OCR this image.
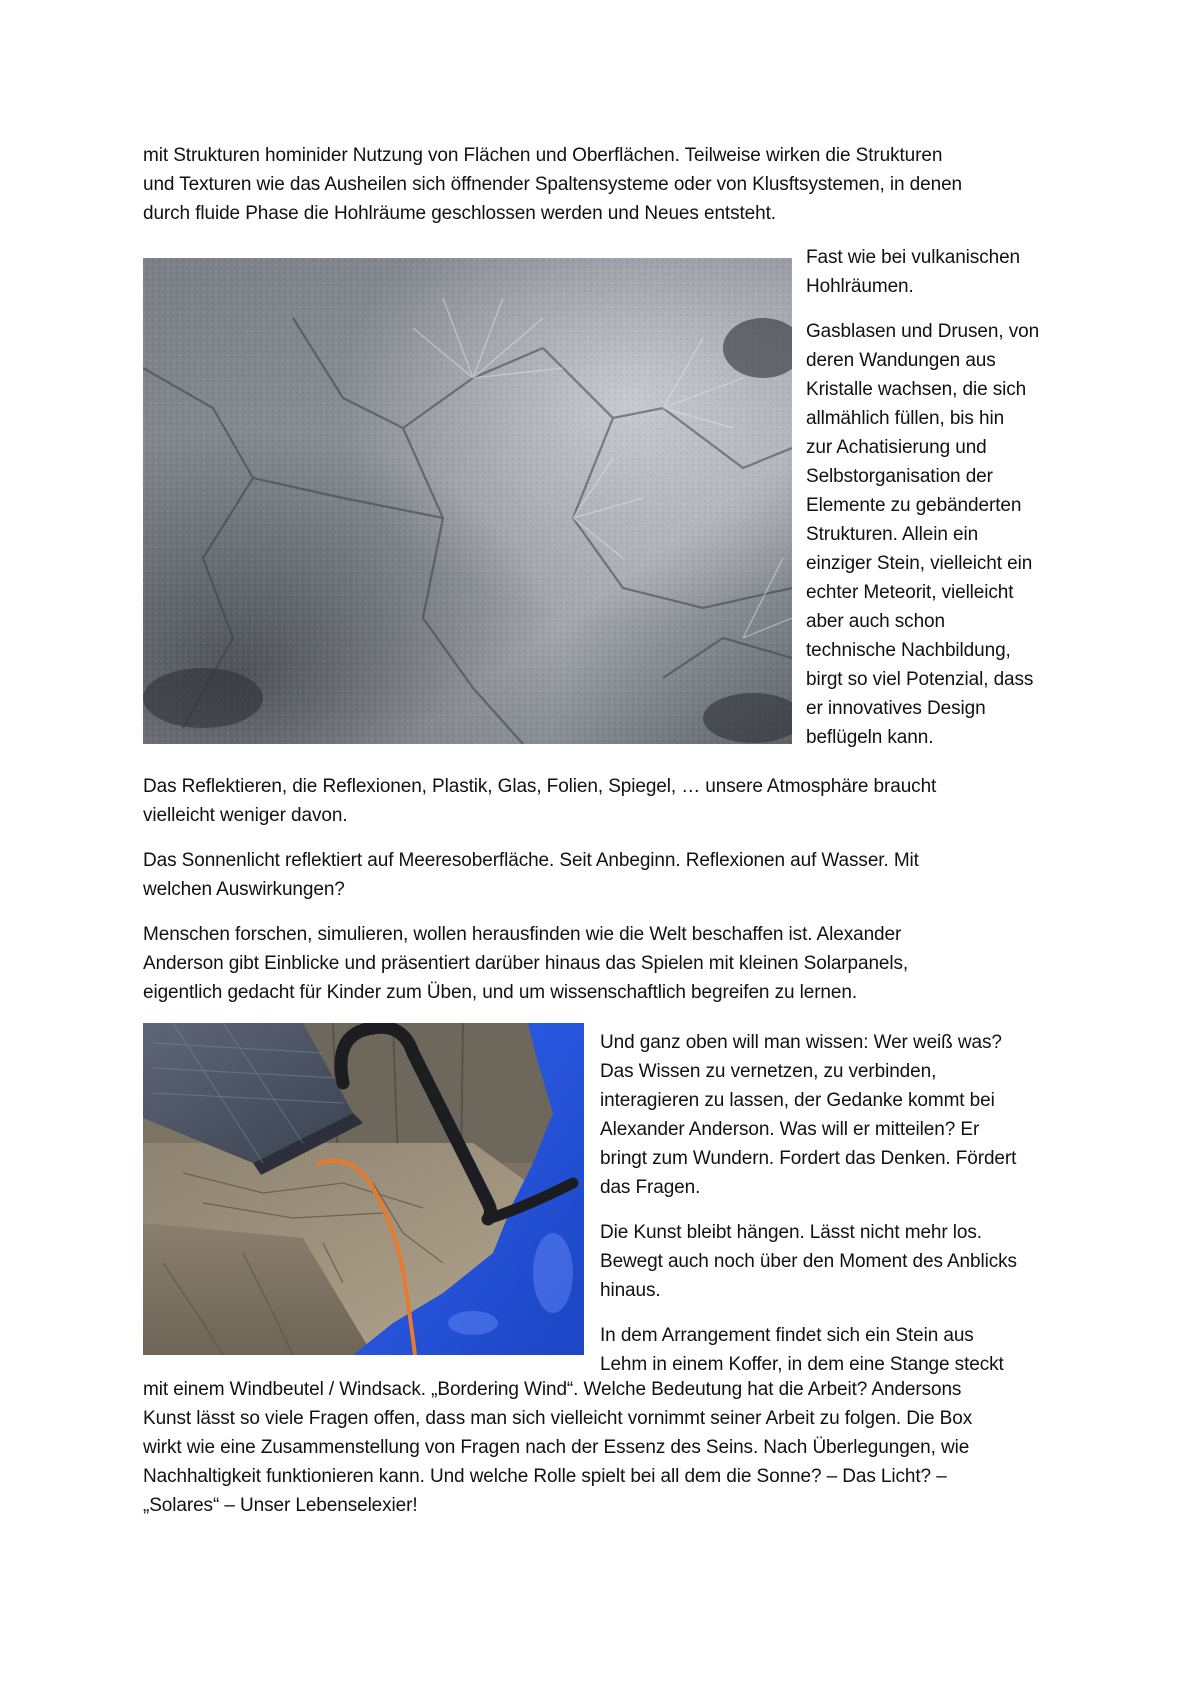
mit Strukturen hominider Nutzung von Flächen und Oberflächen. Teilweise wirken die Strukturen
und Texturen wie das Ausheilen sich öffnender Spaltensysteme oder von Klusftsystemen, in denen
durch fluide Phase die Hohlräume geschlossen werden und Neues entsteht.

Fast wie bei vulkanischen
Hohlräumen.

Gasblasen und Drusen, von
deren Wandungen aus
Kristalle wachsen, die sich
allmählich füllen, bis hin
zur Achatisierung und
Selbstorganisation der
Elemente zu gebänderten
Strukturen. Allein ein
einziger Stein, vielleicht ein
echter Meteorit, vielleicht
aber auch schon
technische Nachbildung,
birgt so viel Potenzial, dass
er innovatives Design
beflügeln kann.

Das Reflektieren, die Reflexionen, Plastik, Glas, Folien, Spiegel, … unsere Atmosphäre braucht
vielleicht weniger davon.

Das Sonnenlicht reflektiert auf Meeresoberfläche. Seit Anbeginn. Reflexionen auf Wasser. Mit
welchen Auswirkungen?

Menschen forschen, simulieren, wollen herausfinden wie die Welt beschaffen ist. Alexander
Anderson gibt Einblicke und präsentiert darüber hinaus das Spielen mit kleinen Solarpanels,
eigentlich gedacht für Kinder zum Üben, und um wissenschaftlich begreifen zu lernen.

Und ganz oben will man wissen: Wer weiß was?
Das Wissen zu vernetzen, zu verbinden,
interagieren zu lassen, der Gedanke kommt bei
Alexander Anderson. Was will er mitteilen? Er
bringt zum Wundern. Fordert das Denken. Fördert
das Fragen.

Die Kunst bleibt hängen. Lässt nicht mehr los.
Bewegt auch noch über den Moment des Anblicks
hinaus.

In dem Arrangement findet sich ein Stein aus
Lehm in einem Koffer, in dem eine Stange steckt

mit einem Windbeutel / Windsack. „Bordering Wind“. Welche Bedeutung hat die Arbeit? Andersons
Kunst lässt so viele Fragen offen, dass man sich vielleicht vornimmt seiner Arbeit zu folgen. Die Box
wirkt wie eine Zusammenstellung von Fragen nach der Essenz des Seins. Nach Überlegungen, wie
Nachhaltigkeit funktionieren kann. Und welche Rolle spielt bei all dem die Sonne? – Das Licht? –
„Solares“ – Unser Lebenselexier!
